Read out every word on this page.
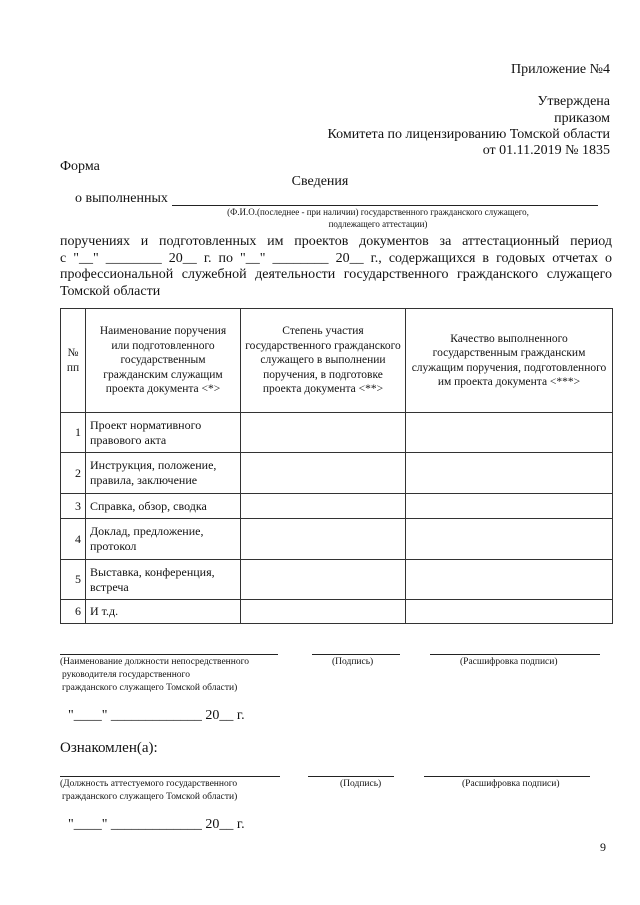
Приложение №4
Утверждена
приказом
Комитета по лицензированию Томской области
от 01.11.2019 № 1835
Форма
Сведения
о выполненных
(Ф.И.О.(последнее - при наличии) государственного гражданского служащего,
подлежащего аттестации)
поручениях и подготовленных им проектов документов за аттестационный период
с "__" ________ 20__ г. по "__" ________ 20__ г., содержащихся в годовых отчетах о
профессиональной служебной деятельности государственного гражданского служащего
Томской области
№ пп	Наименование поручения или подготовленного государственным гражданским служащим проекта документа <*>	Степень участия государственного гражданского служащего в выполнении поручения, в подготовке проекта документа <**>	Качество выполненного государственным гражданским служащим поручения, подготовленного им проекта документа <***>
1	Проект нормативного правового акта		
2	Инструкция, положение, правила, заключение		
3	Справка, обзор, сводка		
4	Доклад, предложение, протокол		
5	Выставка, конференция, встреча		
6	И т.д.		
(Наименование должности непосредственного
руководителя государственного
гражданского служащего Томской области)
(Подпись)	(Расшифровка подписи)
"____" _____________ 20__ г.
Ознакомлен(а):
(Должность аттестуемого государственного
гражданского служащего Томской области)
(Подпись)	(Расшифровка подписи)
"____" _____________ 20__ г.
9
